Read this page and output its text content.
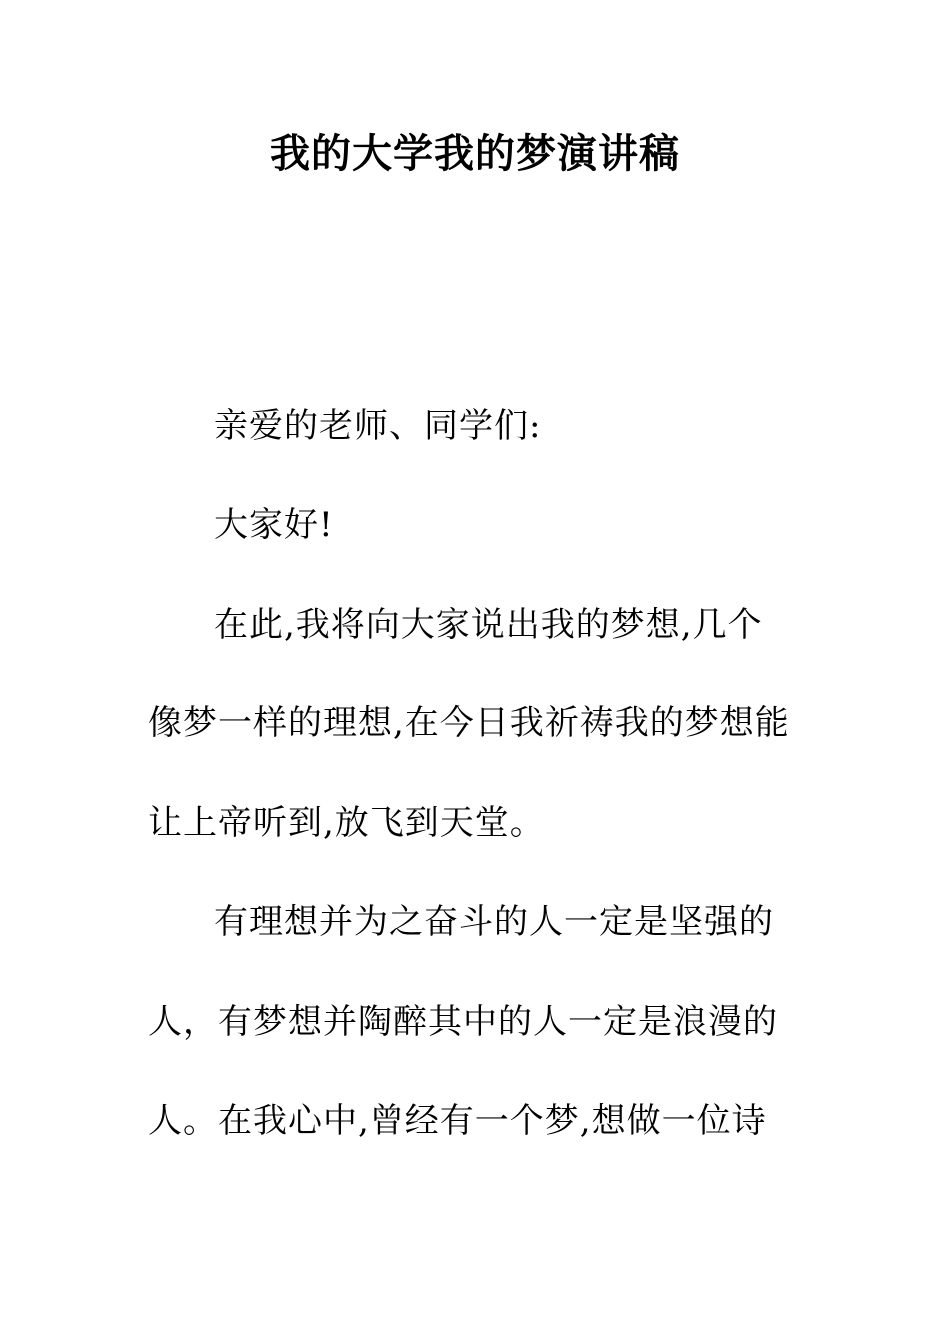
我的大学我的梦演讲稿
亲爱的老师、同学们:
大家好!
在此,我将向大家说出我的梦想,几个
像梦一样的理想,在今日我祈祷我的梦想能
让上帝听到,放飞到天堂。
有理想并为之奋斗的人一定是坚强的
人，有梦想并陶醉其中的人一定是浪漫的
人。在我心中,曾经有一个梦,想做一位诗
